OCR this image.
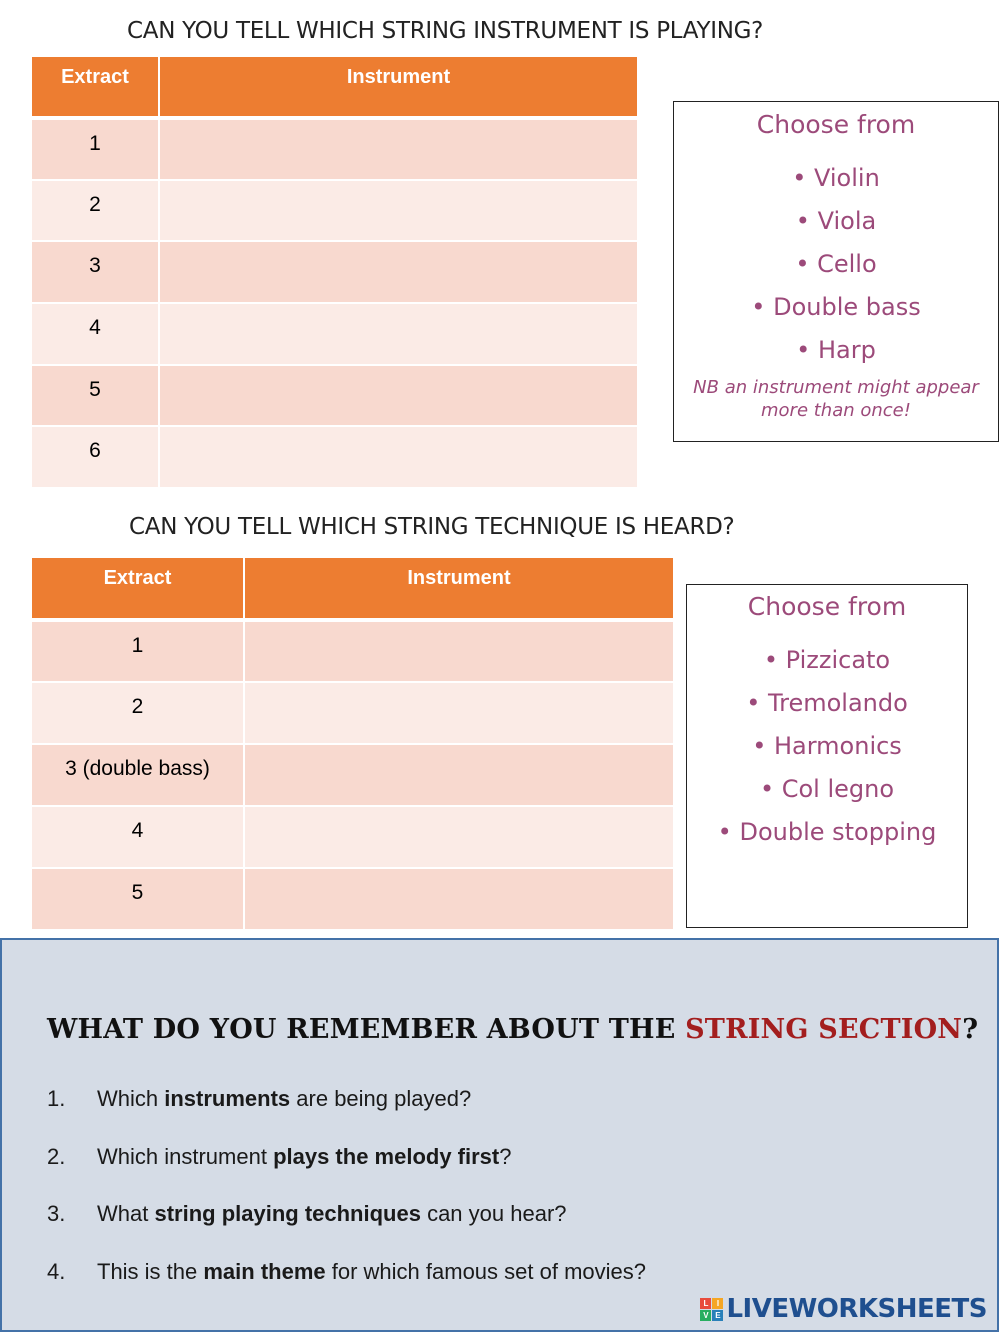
CAN YOU TELL WHICH STRING INSTRUMENT IS PLAYING?
Extract	Instrument
1	
2	
3	
4	
5	
6	
Choose from
• Violin
• Viola
• Cello
• Double bass
• Harp
NB an instrument might appear
more than once!
CAN YOU TELL WHICH STRING TECHNIQUE IS HEARD?
Extract	Instrument
1	
2	
3 (double bass)	
4	
5	
Choose from
• Pizzicato
• Tremolando
• Harmonics
• Col legno
• Double stopping
WHAT DO YOU REMEMBER ABOUT THE STRING SECTION?
1. Which instruments are being played?
2. Which instrument plays the melody first?
3. What string playing techniques can you hear?
4. This is the main theme for which famous set of movies?
L	I
V E LIVEWORKSHEETS
